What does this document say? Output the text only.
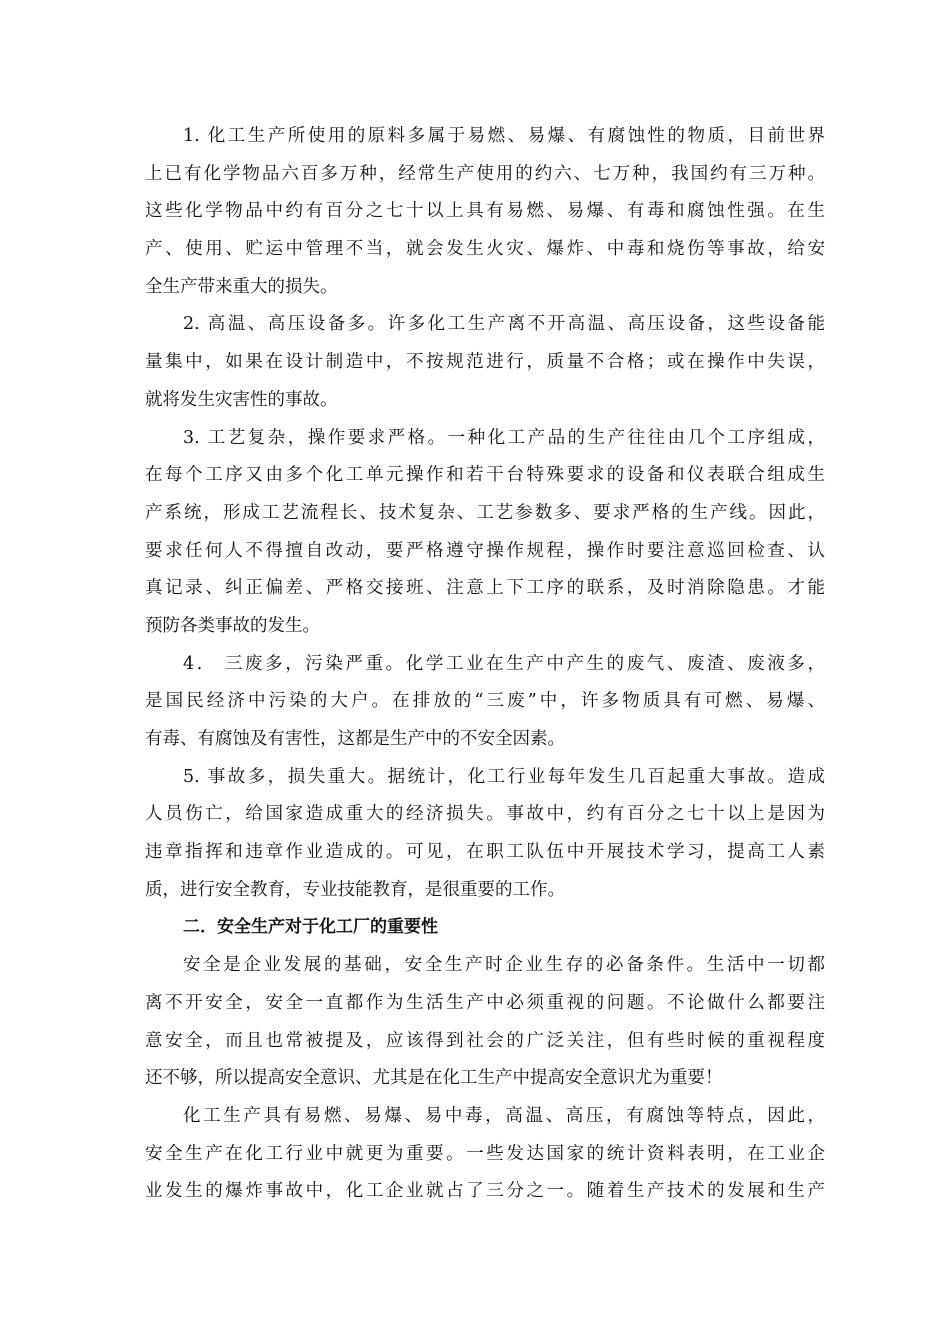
1. 化工生产所使用的原料多属于易燃、易爆、有腐蚀性的物质，目前世界
上已有化学物品六百多万种，经常生产使用的约六、七万种，我国约有三万种。
这些化学物品中约有百分之七十以上具有易燃、易爆、有毒和腐蚀性强。在生
产、使用、贮运中管理不当，就会发生火灾、爆炸、中毒和烧伤等事故，给安
全生产带来重大的损失。
2. 高温、高压设备多。许多化工生产离不开高温、高压设备，这些设备能
量集中，如果在设计制造中，不按规范进行，质量不合格；或在操作中失误，
就将发生灾害性的事故。
3. 工艺复杂，操作要求严格。一种化工产品的生产往往由几个工序组成，
在每个工序又由多个化工单元操作和若干台特殊要求的设备和仪表联合组成生
产系统，形成工艺流程长、技术复杂、工艺参数多、要求严格的生产线。因此，
要求任何人不得擅自改动，要严格遵守操作规程，操作时要注意巡回检查、认
真记录、纠正偏差、严格交接班、注意上下工序的联系，及时消除隐患。才能
预防各类事故的发生。
4． 三废多，污染严重。化学工业在生产中产生的废气、废渣、废液多，
是国民经济中污染的大户。在排放的“三废”中，许多物质具有可燃、易爆、
有毒、有腐蚀及有害性，这都是生产中的不安全因素。
5. 事故多，损失重大。据统计，化工行业每年发生几百起重大事故。造成
人员伤亡，给国家造成重大的经济损失。事故中，约有百分之七十以上是因为
违章指挥和违章作业造成的。可见，在职工队伍中开展技术学习，提高工人素
质，进行安全教育，专业技能教育，是很重要的工作。
二．安全生产对于化工厂的重要性
安全是企业发展的基础，安全生产时企业生存的必备条件。生活中一切都
离不开安全，安全一直都作为生活生产中必须重视的问题。不论做什么都要注
意安全，而且也常被提及，应该得到社会的广泛关注，但有些时候的重视程度
还不够，所以提高安全意识、尤其是在化工生产中提高安全意识尤为重要！
化工生产具有易燃、易爆、易中毒，高温、高压，有腐蚀等特点，因此，
安全生产在化工行业中就更为重要。一些发达国家的统计资料表明，在工业企
业发生的爆炸事故中，化工企业就占了三分之一。随着生产技术的发展和生产
